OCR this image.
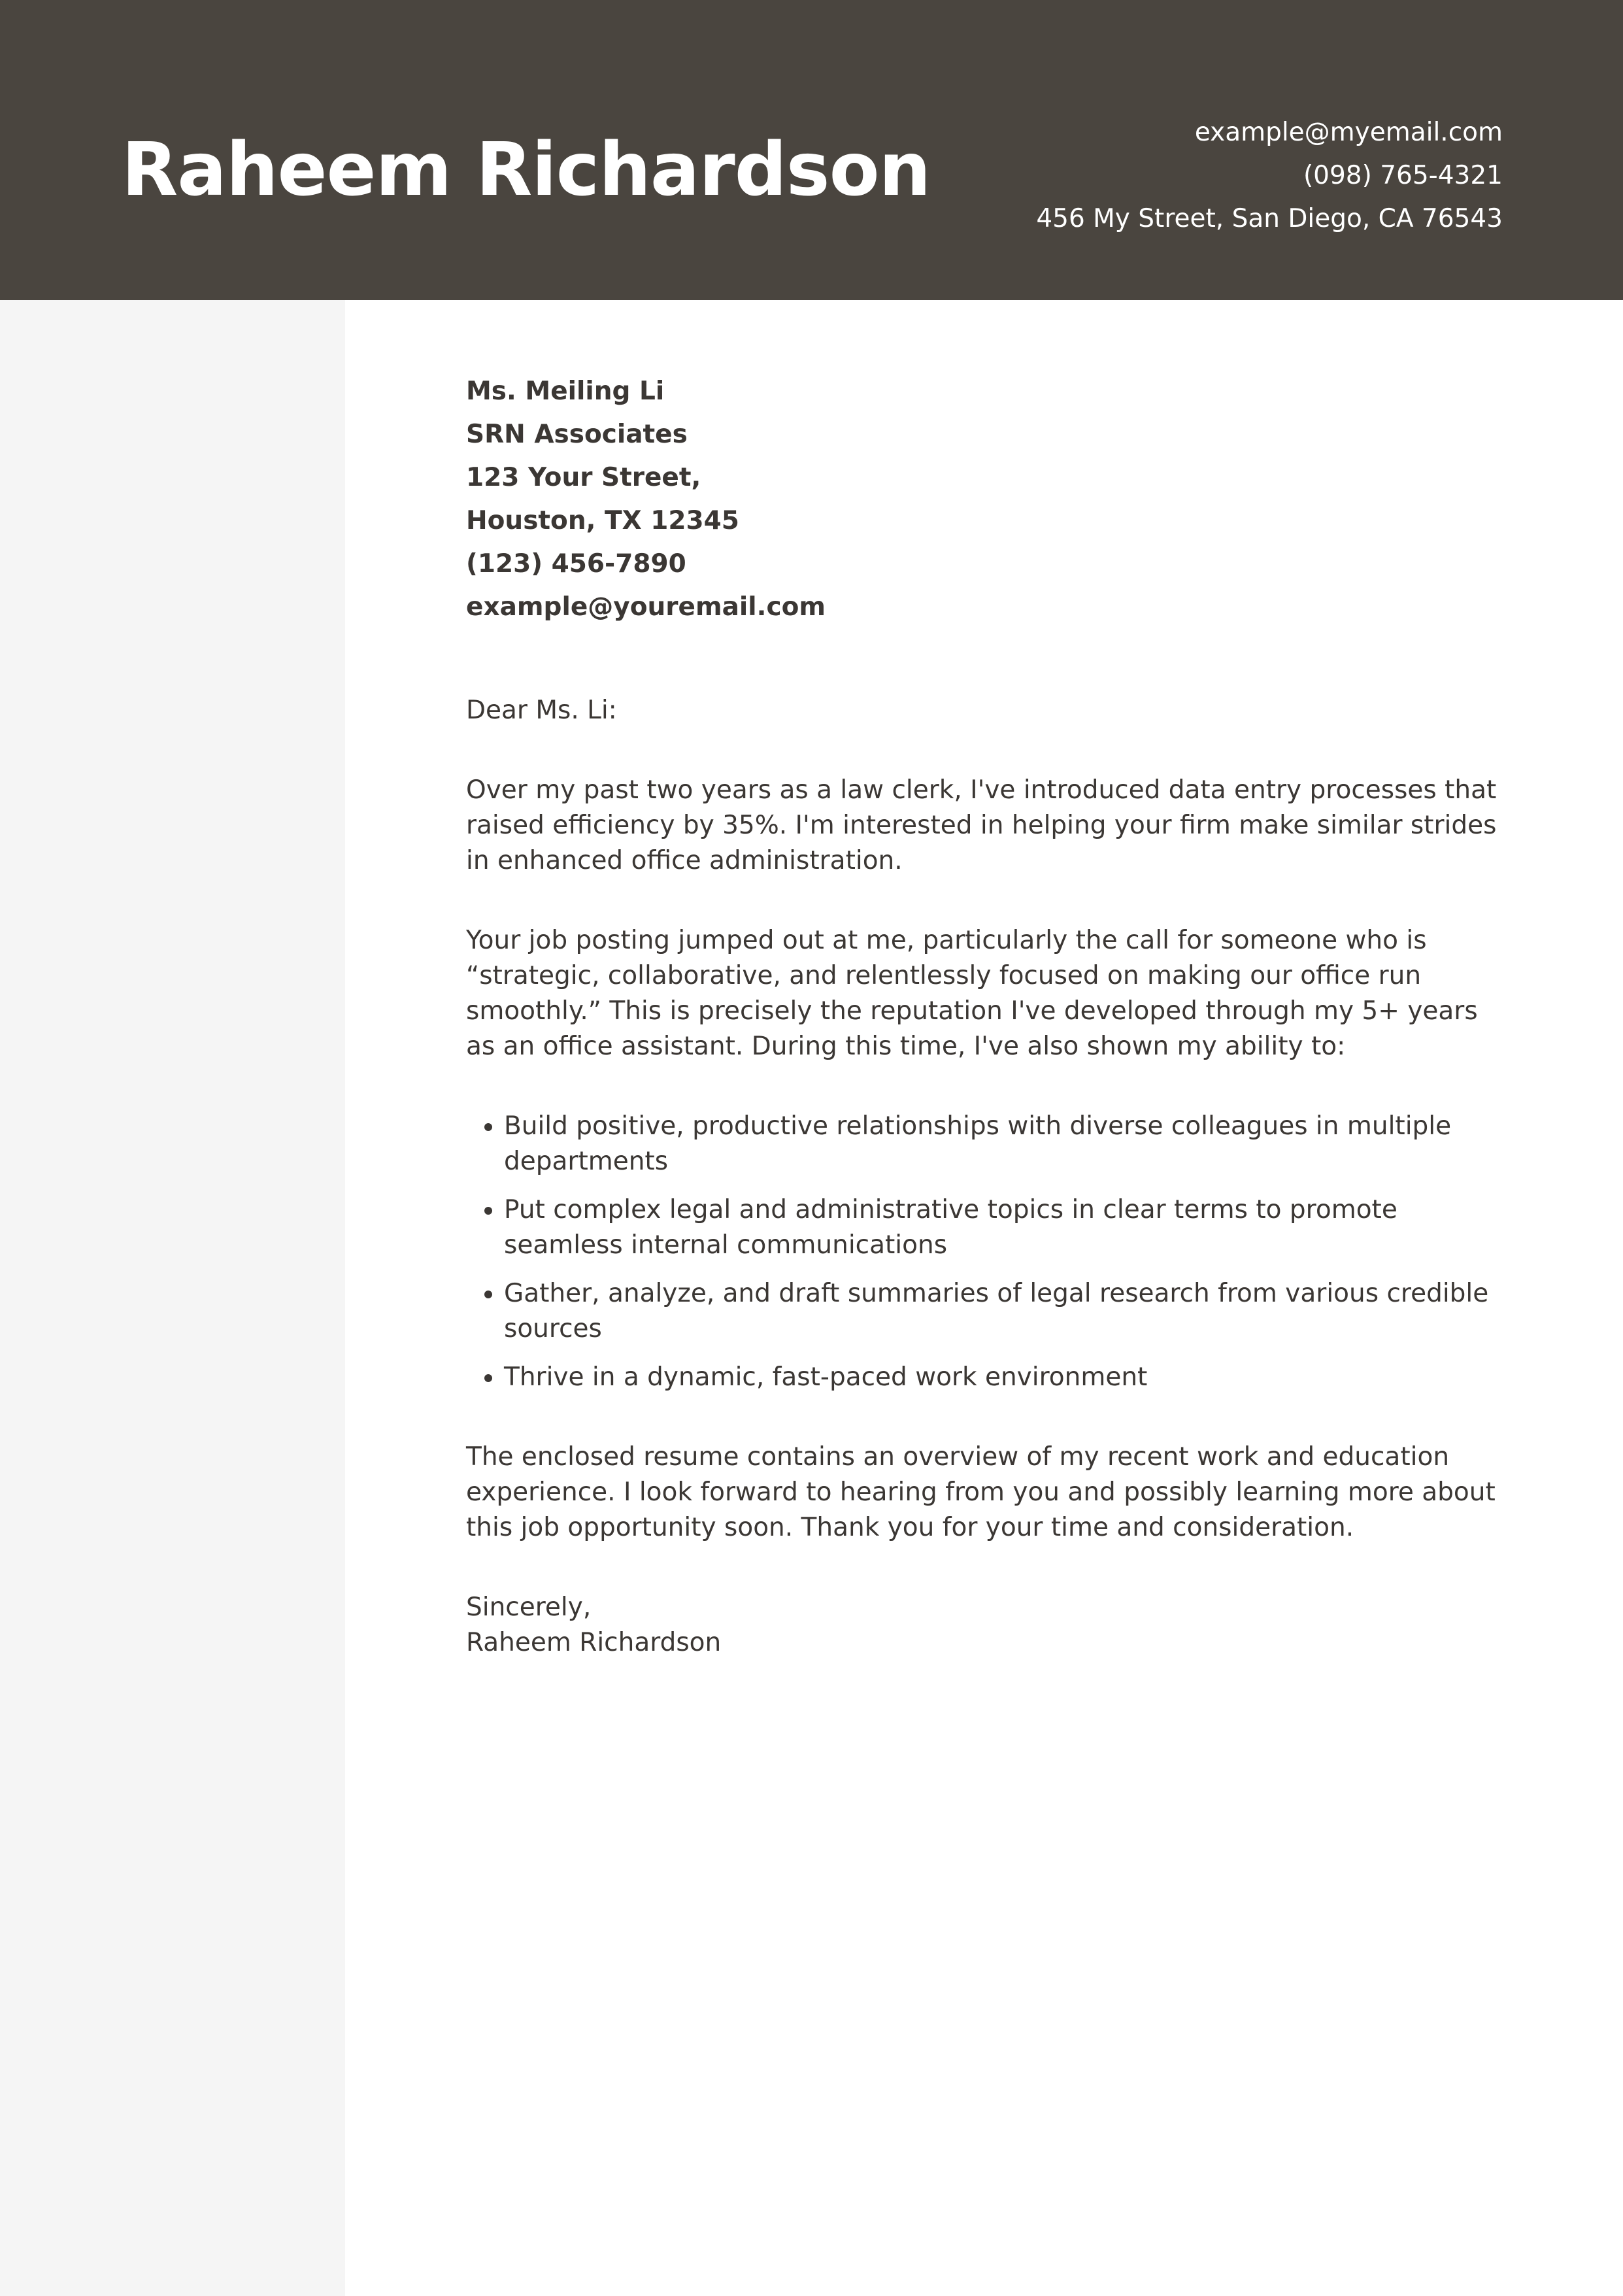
Raheem Richardson	example@myemail.com
(098) 765-4321
456 My Street, San Diego, CA 76543
Ms. Meiling Li
SRN Associates
123 Your Street,
Houston, TX 12345
(123) 456-7890
example@youremail.com

Dear Ms. Li:

Over my past two years as a law clerk, I've introduced data entry processes that raised efficiency by 35%. I'm interested in helping your firm make similar strides in enhanced office administration.

Your job posting jumped out at me, particularly the call for someone who is “strategic, collaborative, and relentlessly focused on making our office run smoothly.” This is precisely the reputation I've developed through my 5+ years as an office assistant. During this time, I've also shown my ability to:

• Build positive, productive relationships with diverse colleagues in multiple departments
• Put complex legal and administrative topics in clear terms to promote seamless internal communications
• Gather, analyze, and draft summaries of legal research from various credible sources
• Thrive in a dynamic, fast-paced work environment

The enclosed resume contains an overview of my recent work and education experience. I look forward to hearing from you and possibly learning more about this job opportunity soon. Thank you for your time and consideration.

Sincerely,
Raheem Richardson
